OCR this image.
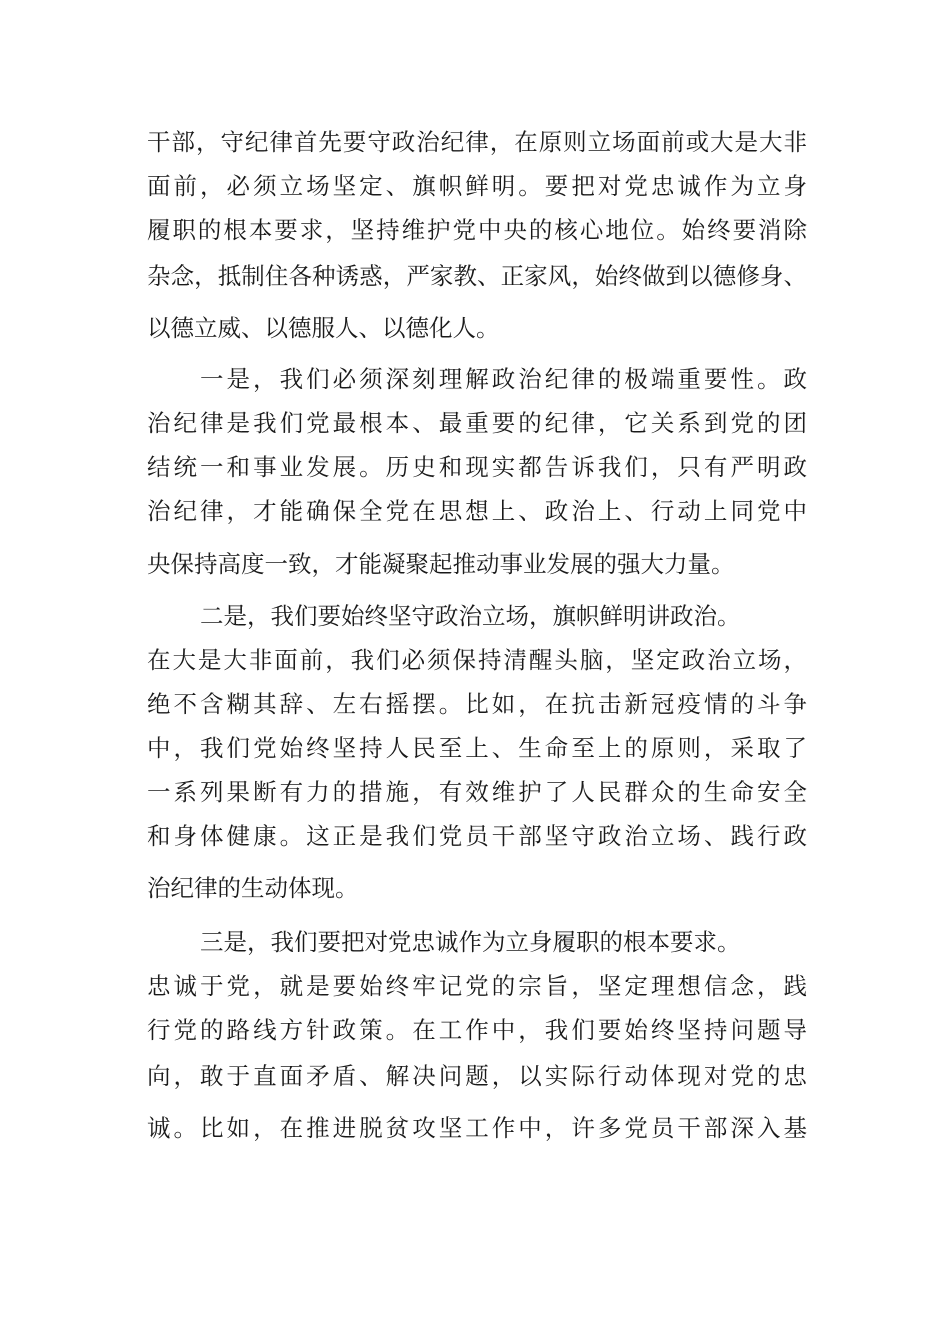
干部，守纪律首先要守政治纪律，在原则立场面前或大是大非
面前，必须立场坚定、旗帜鲜明。要把对党忠诚作为立身
履职的根本要求，坚持维护党中央的核心地位。始终要消除
杂念，抵制住各种诱惑，严家教、正家风，始终做到以德修身、
以德立威、以德服人、以德化人。
一是，我们必须深刻理解政治纪律的极端重要性。政
治纪律是我们党最根本、最重要的纪律，它关系到党的团
结统一和事业发展。历史和现实都告诉我们，只有严明政
治纪律，才能确保全党在思想上、政治上、行动上同党中
央保持高度一致，才能凝聚起推动事业发展的强大力量。
二是，我们要始终坚守政治立场，旗帜鲜明讲政治。
在大是大非面前，我们必须保持清醒头脑，坚定政治立场，
绝不含糊其辞、左右摇摆。比如，在抗击新冠疫情的斗争
中，我们党始终坚持人民至上、生命至上的原则，采取了
一系列果断有力的措施，有效维护了人民群众的生命安全
和身体健康。这正是我们党员干部坚守政治立场、践行政
治纪律的生动体现。
三是，我们要把对党忠诚作为立身履职的根本要求。
忠诚于党，就是要始终牢记党的宗旨，坚定理想信念，践
行党的路线方针政策。在工作中，我们要始终坚持问题导
向，敢于直面矛盾、解决问题，以实际行动体现对党的忠
诚。比如，在推进脱贫攻坚工作中，许多党员干部深入基
